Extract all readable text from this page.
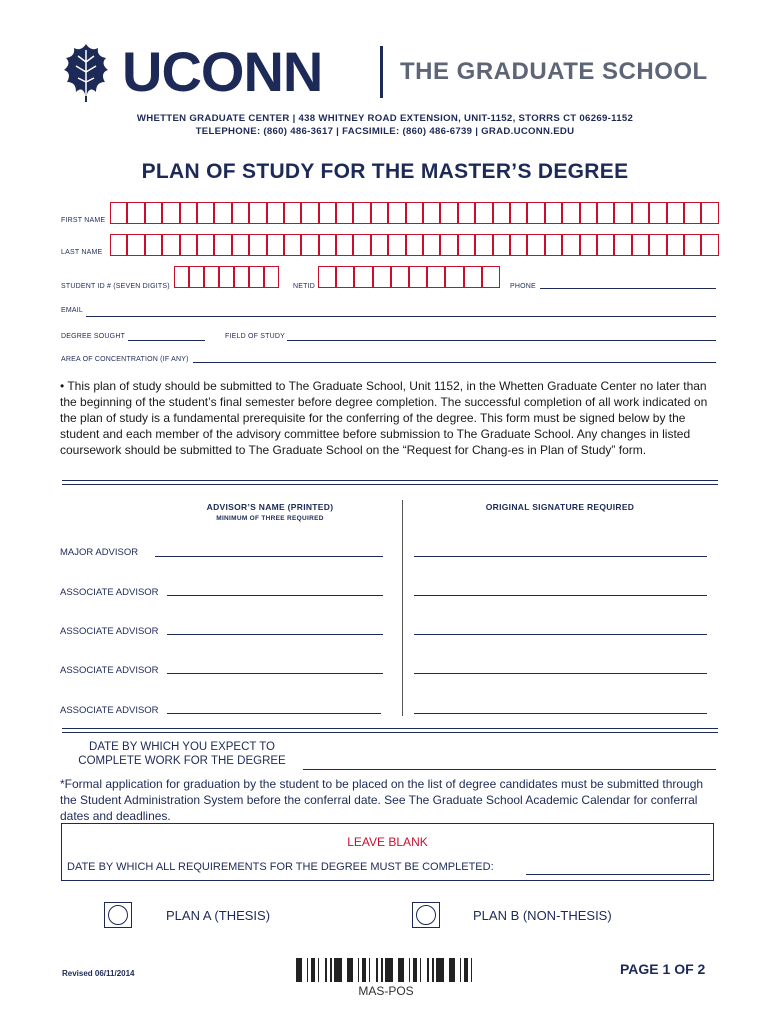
UCONN	THE GRADUATE SCHOOL
WHETTEN GRADUATE CENTER | 438 WHITNEY ROAD EXTENSION, UNIT-1152, STORRS CT 06269-1152
TELEPHONE: (860) 486-3617 | FACSIMILE: (860) 486-6739 | GRAD.UCONN.EDU
PLAN OF STUDY FOR THE MASTER’S DEGREE
FIRST NAME
LAST NAME
STUDENT ID # (SEVEN DIGITS)	NETID	PHONE
EMAIL
DEGREE SOUGHT	FIELD OF STUDY
AREA OF CONCENTRATION (IF ANY)
• This plan of study should be submitted to The Graduate School, Unit 1152, in the Whetten Graduate Center no later than the beginning of the student’s final semester before degree completion. The successful completion of all work indicated on the plan of study is a fundamental prerequisite for the conferring of the degree. This form must be signed below by the student and each member of the advisory committee before submission to The Graduate School. Any changes in listed coursework should be submitted to The Graduate School on the “Request for Chang-es in Plan of Study” form.
ADVISOR’S NAME (PRINTED)
MINIMUM OF THREE REQUIRED
ORIGINAL SIGNATURE REQUIRED
MAJOR ADVISOR
ASSOCIATE ADVISOR
ASSOCIATE ADVISOR
ASSOCIATE ADVISOR
ASSOCIATE ADVISOR
DATE BY WHICH YOU EXPECT TO
COMPLETE WORK FOR THE DEGREE
*Formal application for graduation by the student to be placed on the list of degree candidates must be submitted through the Student Administration System before the conferral date. See The Graduate School Academic Calendar for conferral dates and deadlines.
LEAVE BLANK
DATE BY WHICH ALL REQUIREMENTS FOR THE DEGREE MUST BE COMPLETED:
PLAN A (THESIS)	PLAN B (NON-THESIS)
Revised 06/11/2014
MAS-POS
PAGE 1 OF 2
